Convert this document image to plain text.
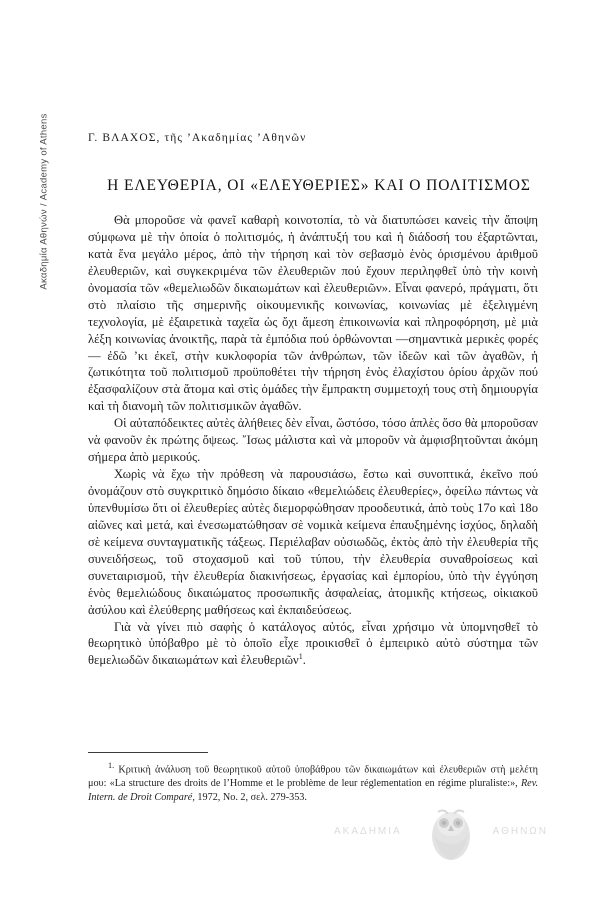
Ακαδημία Αθηνών / Academy of Athens	Γ. ΒΛΑΧΟΣ, τῆς ’Ακαδημίας ’Αθηνῶν
Η ΕΛΕΥΘΕΡΙΑ, ΟΙ «ΕΛΕΥΘΕΡΙΕΣ» ΚΑΙ Ο ΠΟΛΙΤΙΣΜΟΣ

Θὰ μποροῦσε νὰ φανεῖ καθαρὴ κοινοτοπία, τὸ νὰ διατυπώσει κανεὶς τὴν ἄποψη σύμφωνα μὲ τὴν ὁποία ὁ πολιτισμός, ἡ ἀνάπτυξή του καὶ ἡ διάδοσή του ἐξαρτῶνται, κατὰ ἕνα μεγάλο μέρος, ἀπὸ τὴν τήρηση καὶ τὸν σεβασμὸ ἑνὸς ὁρισμένου ἀριθμοῦ ἐλευθεριῶν, καὶ συγκεκριμένα τῶν ἐλευθεριῶν πού ἔχουν περιληφθεῖ ὑπὸ τὴν κοινὴ ὀνομασία τῶν «θεμελιωδῶν δικαιωμάτων καὶ ἐλευθεριῶν». Εἶναι φανερό, πράγματι, ὅτι στὸ πλαίσιο τῆς σημερινῆς οἰκουμενικῆς κοινωνίας, κοινωνίας μὲ ἐξελιγμένη τεχνολογία, μὲ ἐξαιρετικὰ ταχεῖα ὡς ὄχι ἄμεση ἐπικοινωνία καὶ πληροφόρηση, μὲ μιὰ λέξη κοινωνίας ἀνοικτῆς, παρὰ τὰ ἐμπόδια πού ὀρθώνονται —σημαντικὰ μερικὲς φορές— ἐδῶ ’κι ἐκεῖ, στὴν κυκλοφορία τῶν ἀνθρώπων, τῶν ἰδεῶν καὶ τῶν ἀγαθῶν, ἡ ζωτικότητα τοῦ πολιτισμοῦ προϋποθέτει τὴν τήρηση ἑνὸς ἐλαχίστου ὁρίου ἀρχῶν πού ἐξασφαλίζουν στὰ ἄτομα καὶ στὶς ὁμάδες τὴν ἔμπρακτη συμμετοχή τους στὴ δημιουργία καὶ τὴ διανομὴ τῶν πολιτισμικῶν ἀγαθῶν.

Οἱ αὐταπόδεικτες αὐτὲς ἀλήθειες δὲν εἶναι, ὥστόσο, τόσο ἁπλὲς ὅσο θὰ μποροῦσαν νὰ φανοῦν ἐκ πρώτης ὄψεως. ῎Ισως μάλιστα καὶ νὰ μποροῦν νὰ ἀμφισβητοῦνται ἀκόμη σήμερα ἀπὸ μερικούς.

Χωρὶς νὰ ἔχω τὴν πρόθεση νὰ παρουσιάσω, ἔστω καὶ συνοπτικά, ἐκεῖνο πού ὀνομάζουν στὸ συγκριτικὸ δημόσιο δίκαιο «θεμελιώδεις ἐλευθερίες», ὀφείλω πάντως νὰ ὑπενθυμίσω ὅτι οἱ ἐλευθερίες αὐτὲς διεμορφώθησαν προοδευτικά, ἀπὸ τοὺς 17ο καὶ 18ο αἰῶνες καὶ μετά, καὶ ἐνεσωματώθησαν σὲ νομικὰ κείμενα ἐπαυξημένης ἰσχύος, δηλαδὴ σὲ κείμενα συνταγματικῆς τάξεως. Περιέλαβαν οὐσιωδῶς, ἐκτὸς ἀπὸ τὴν ἐλευθερία τῆς συνειδήσεως, τοῦ στοχασμοῦ καὶ τοῦ τύπου, τὴν ἐλευθερία συναθροίσεως καὶ συνεταιρισμοῦ, τὴν ἐλευθερία διακινήσεως, ἐργασίας καὶ ἐμπορίου, ὑπὸ τὴν ἐγγύηση ἑνὸς θεμελιώδους δικαιώματος προσωπικῆς ἀσφαλείας, ἀτομικῆς κτήσεως, οἰκιακοῦ ἀσύλου καὶ ἐλεύθερης μαθήσεως καὶ ἐκπαιδεύσεως.

Γιὰ νὰ γίνει πιὸ σαφὴς ὁ κατάλογος αὐτός, εἶναι χρήσιμο νὰ ὑπομνησθεῖ τὸ θεωρητικὸ ὑπόβαθρο μὲ τὸ ὁποῖο εἶχε προικισθεῖ ὁ ἐμπειρικὸ αὐτὸ σύστημα τῶν θεμελιωδῶν δικαιωμάτων καὶ ἐλευθεριῶν$^1$.

$^{1.}$ Κριτικὴ ἀνάλυση τοῦ θεωρητικοῦ αὐτοῦ ὑποβάθρου τῶν δικαιωμάτων καὶ ἐλευθεριῶν στὴ μελέτη μου: «La structure des droits de l’Homme et le problème de leur réglementation en régime pluraliste:», Rev. Intern. de Droit Comparé, 1972, No. 2, σελ. 279-353.

ΑΚΑΔΗΜΙΑ	ΑΘΗΝΩΝ
